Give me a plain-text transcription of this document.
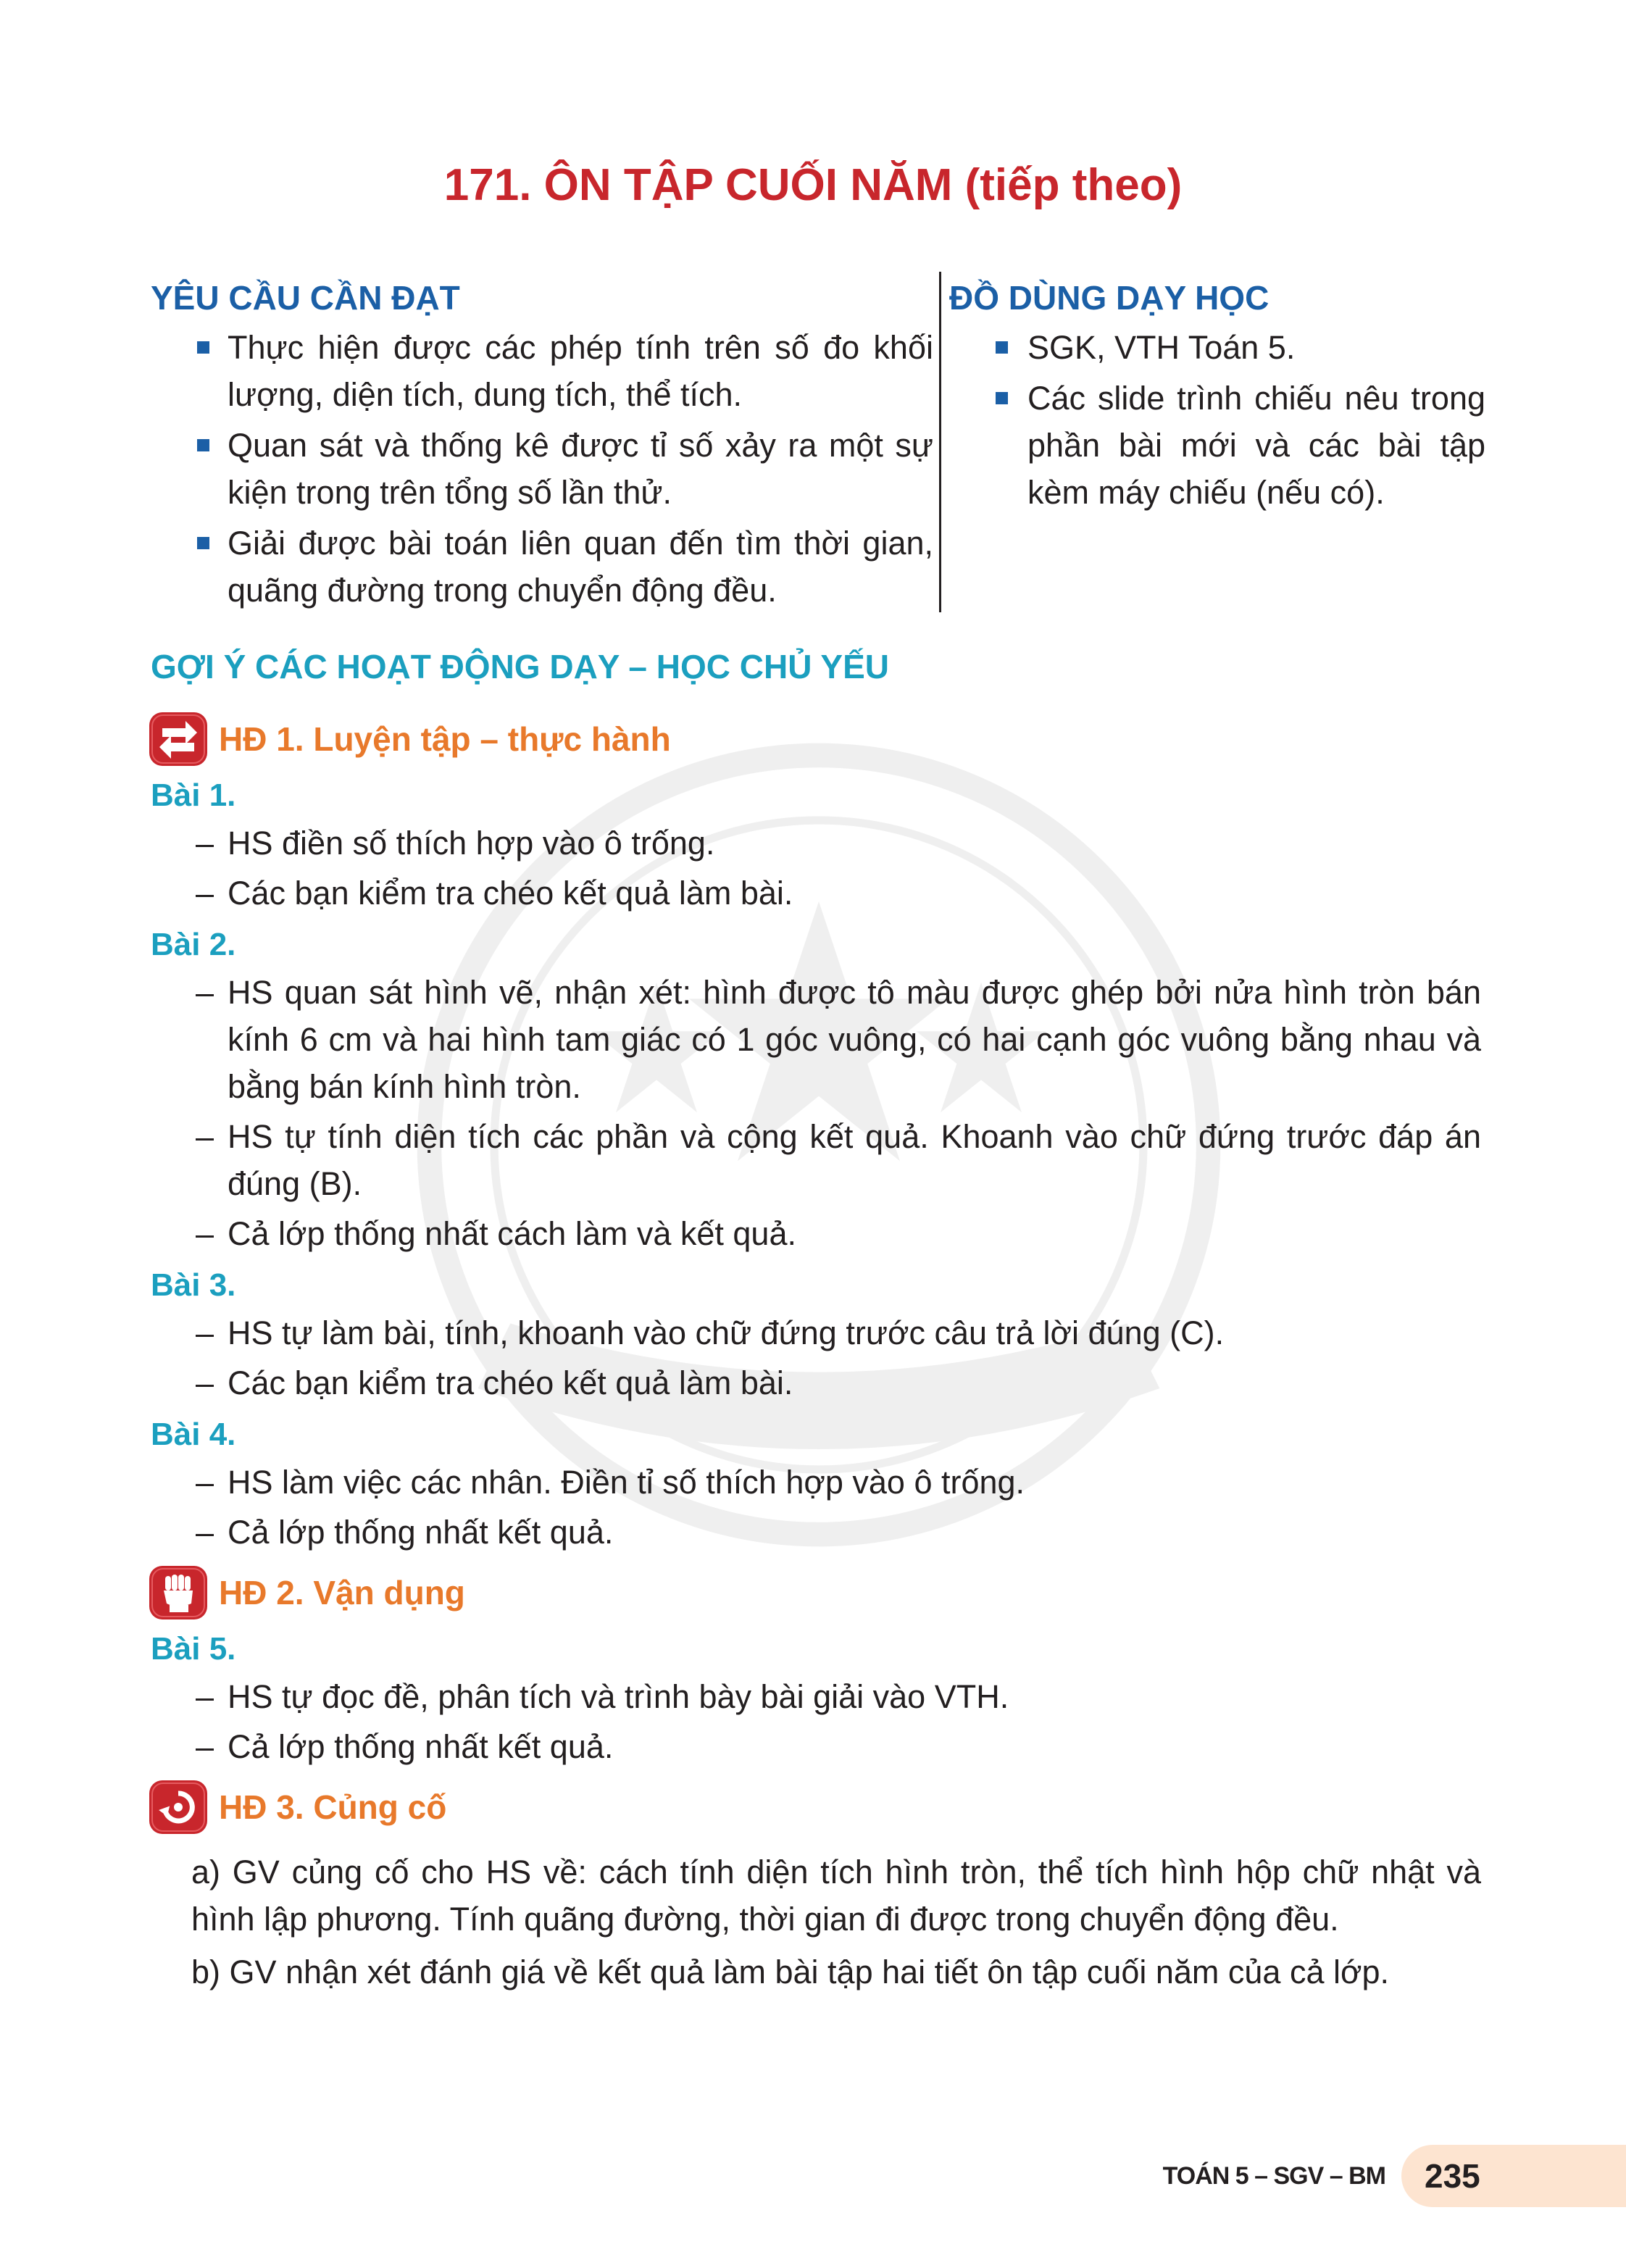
171. ÔN TẬP CUỐI NĂM (tiếp theo)
YÊU CẦU CẦN ĐẠT
Thực hiện được các phép tính trên số đo khối lượng, diện tích, dung tích, thể tích.
Quan sát và thống kê được tỉ số xảy ra một sự kiện trong trên tổng số lần thử.
Giải được bài toán liên quan đến tìm thời gian, quãng đường trong chuyển động đều.
ĐỒ DÙNG DẠY HỌC
SGK, VTH Toán 5.
Các slide trình chiếu nêu trong phần bài mới và các bài tập kèm máy chiếu (nếu có).
GỢI Ý CÁC HOẠT ĐỘNG DẠY – HỌC CHỦ YẾU
HĐ 1. Luyện tập – thực hành
Bài 1.
– HS điền số thích hợp vào ô trống.
– Các bạn kiểm tra chéo kết quả làm bài.
Bài 2.
– HS quan sát hình vẽ, nhận xét: hình được tô màu được ghép bởi nửa hình tròn bán kính 6 cm và hai hình tam giác có 1 góc vuông, có hai cạnh góc vuông bằng nhau và bằng bán kính hình tròn.
– HS tự tính diện tích các phần và cộng kết quả. Khoanh vào chữ đứng trước đáp án đúng (B).
– Cả lớp thống nhất cách làm và kết quả.
Bài 3.
– HS tự làm bài, tính, khoanh vào chữ đứng trước câu trả lời đúng (C).
– Các bạn kiểm tra chéo kết quả làm bài.
Bài 4.
– HS làm việc các nhân. Điền tỉ số thích hợp vào ô trống.
– Cả lớp thống nhất kết quả.
HĐ 2. Vận dụng
Bài 5.
– HS tự đọc đề, phân tích và trình bày bài giải vào VTH.
– Cả lớp thống nhất kết quả.
HĐ 3. Củng cố
a) GV củng cố cho HS về: cách tính diện tích hình tròn, thể tích hình hộp chữ nhật và hình lập phương. Tính quãng đường, thời gian đi được trong chuyển động đều.
b) GV nhận xét đánh giá về kết quả làm bài tập hai tiết ôn tập cuối năm của cả lớp.
TOÁN 5 – SGV – BM	235
